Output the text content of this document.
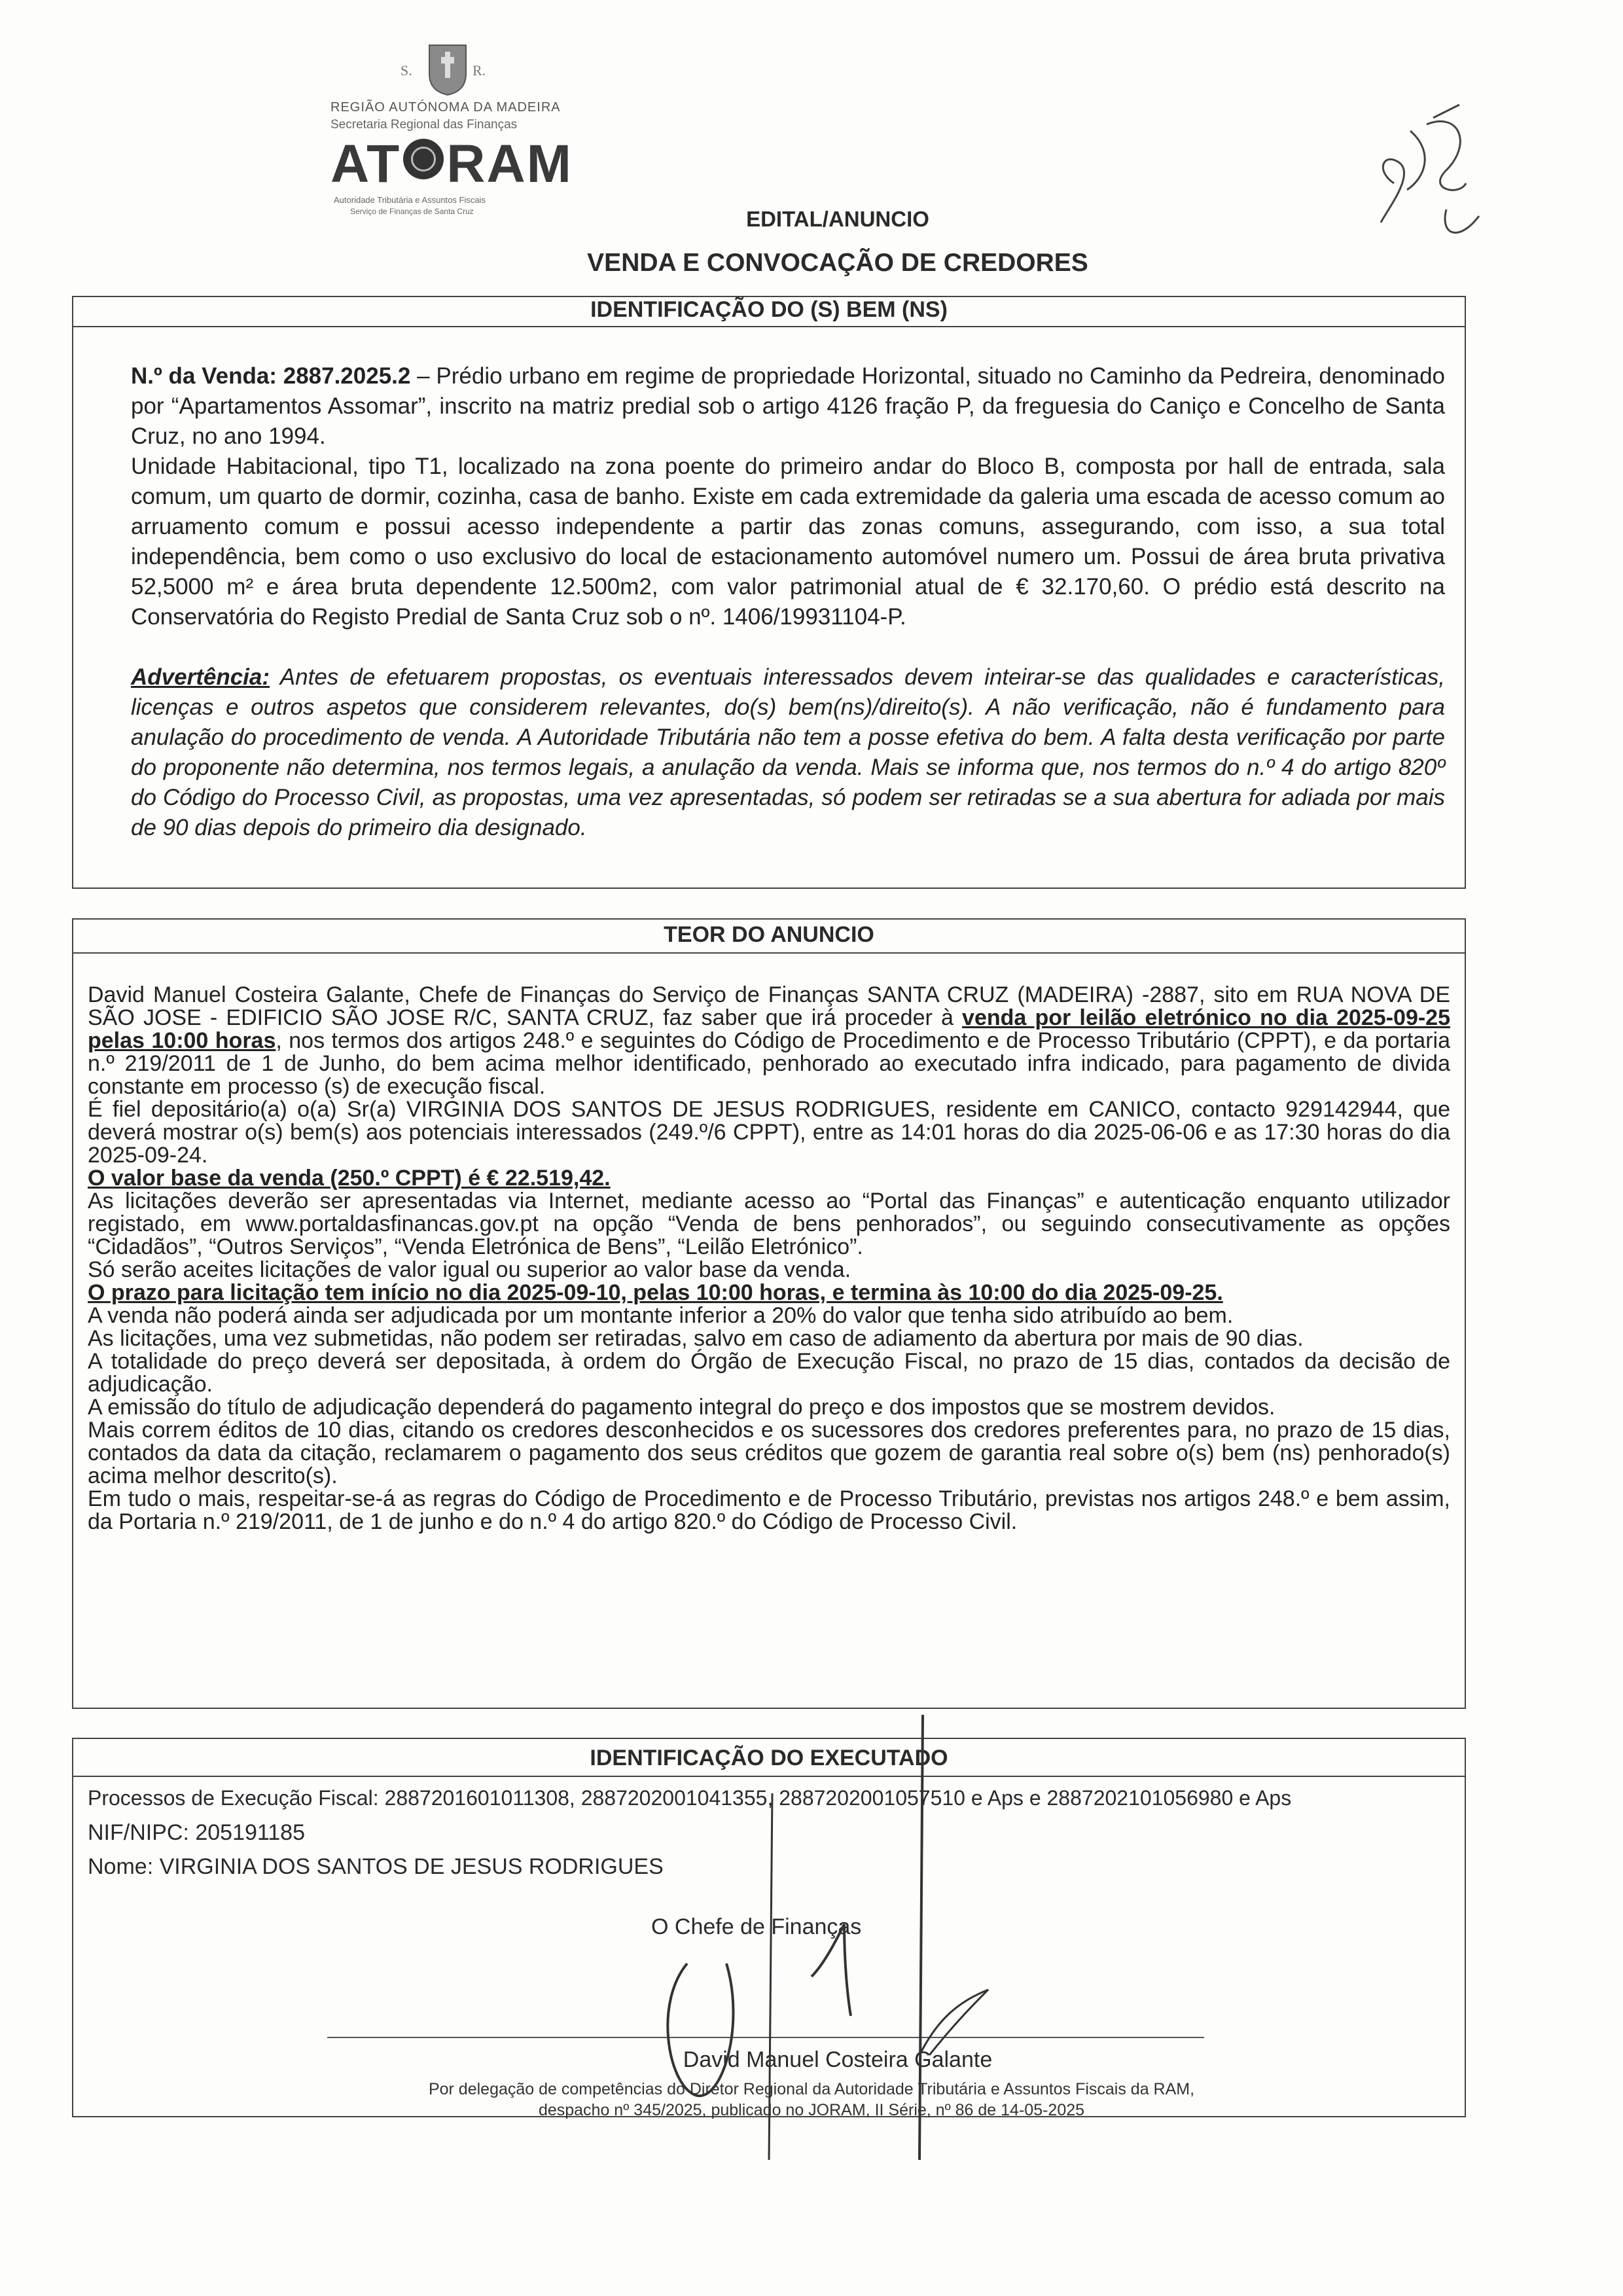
S.	R.
REGIÃO AUTÓNOMA DA MADEIRA
Secretaria Regional das Finanças
AT RAM
Autoridade Tributária e Assuntos Fiscais
Serviço de Finanças de Santa Cruz	EDITAL/ANUNCIO
VENDA E CONVOCAÇÃO DE CREDORES
IDENTIFICAÇÃO DO (S) BEM (NS)

N.º da Venda: 2887.2025.2 – Prédio urbano em regime de propriedade Horizontal, situado no Caminho da Pedreira, denominado por “Apartamentos Assomar”, inscrito na matriz predial sob o artigo 4126 fração P, da freguesia do Caniço e Concelho de Santa Cruz, no ano 1994.

Unidade Habitacional, tipo T1, localizado na zona poente do primeiro andar do Bloco B, composta por hall de entrada, sala comum, um quarto de dormir, cozinha, casa de banho. Existe em cada extremidade da galeria uma escada de acesso comum ao arruamento comum e possui acesso independente a partir das zonas comuns, assegurando, com isso, a sua total independência, bem como o uso exclusivo do local de estacionamento automóvel numero um. Possui de área bruta privativa 52,5000 m² e área bruta dependente 12.500m2, com valor patrimonial atual de € 32.170,60. O prédio está descrito na Conservatória do Registo Predial de Santa Cruz sob o nº. 1406/19931104-P.

Advertência: Antes de efetuarem propostas, os eventuais interessados devem inteirar-se das qualidades e características, licenças e outros aspetos que considerem relevantes, do(s) bem(ns)/direito(s). A não verificação, não é fundamento para anulação do procedimento de venda. A Autoridade Tributária não tem a posse efetiva do bem. A falta desta verificação por parte do proponente não determina, nos termos legais, a anulação da venda. Mais se informa que, nos termos do n.º 4 do artigo 820º do Código do Processo Civil, as propostas, uma vez apresentadas, só podem ser retiradas se a sua abertura for adiada por mais de 90 dias depois do primeiro dia designado.

TEOR DO ANUNCIO

David Manuel Costeira Galante, Chefe de Finanças do Serviço de Finanças SANTA CRUZ (MADEIRA) -2887, sito em RUA NOVA DE SÃO JOSE - EDIFICIO SÃO JOSE R/C, SANTA CRUZ, faz saber que irá proceder à venda por leilão eletrónico no dia 2025-09-25 pelas 10:00 horas, nos termos dos artigos 248.º e seguintes do Código de Procedimento e de Processo Tributário (CPPT), e da portaria n.º 219/2011 de 1 de Junho, do bem acima melhor identificado, penhorado ao executado infra indicado, para pagamento de divida constante em processo (s) de execução fiscal.

É fiel depositário(a) o(a) Sr(a) VIRGINIA DOS SANTOS DE JESUS RODRIGUES, residente em CANICO, contacto 929142944, que deverá mostrar o(s) bem(s) aos potenciais interessados (249.º/6 CPPT), entre as 14:01 horas do dia 2025-06-06 e as 17:30 horas do dia 2025-09-24.

O valor base da venda (250.º CPPT) é € 22.519,42.

As licitações deverão ser apresentadas via Internet, mediante acesso ao “Portal das Finanças” e autenticação enquanto utilizador registado, em www.portaldasfinancas.gov.pt na opção “Venda de bens penhorados”, ou seguindo consecutivamente as opções “Cidadãos”, “Outros Serviços”, “Venda Eletrónica de Bens”, “Leilão Eletrónico”.

Só serão aceites licitações de valor igual ou superior ao valor base da venda.

O prazo para licitação tem início no dia 2025-09-10, pelas 10:00 horas, e termina às 10:00 do dia 2025-09-25.

A venda não poderá ainda ser adjudicada por um montante inferior a 20% do valor que tenha sido atribuído ao bem.

As licitações, uma vez submetidas, não podem ser retiradas, salvo em caso de adiamento da abertura por mais de 90 dias.

A totalidade do preço deverá ser depositada, à ordem do Órgão de Execução Fiscal, no prazo de 15 dias, contados da decisão de adjudicação.

A emissão do título de adjudicação dependerá do pagamento integral do preço e dos impostos que se mostrem devidos.

Mais correm éditos de 10 dias, citando os credores desconhecidos e os sucessores dos credores preferentes para, no prazo de 15 dias, contados da data da citação, reclamarem o pagamento dos seus créditos que gozem de garantia real sobre o(s) bem (ns) penhorado(s) acima melhor descrito(s).

Em tudo o mais, respeitar-se-á as regras do Código de Procedimento e de Processo Tributário, previstas nos artigos 248.º e bem assim, da Portaria n.º 219/2011, de 1 de junho e do n.º 4 do artigo 820.º do Código de Processo Civil.

IDENTIFICAÇÃO DO EXECUTADO
Processos de Execução Fiscal: 2887201601011308, 2887202001041355, 2887202001057510 e Aps e 2887202101056980 e Aps
NIF/NIPC: 205191185
Nome: VIRGINIA DOS SANTOS DE JESUS RODRIGUES
O Chefe de Finanças
David Manuel Costeira Galante
Por delegação de competências do Diretor Regional da Autoridade Tributária e Assuntos Fiscais da RAM,
despacho nº 345/2025, publicado no JORAM, II Série, nº 86 de 14-05-2025
